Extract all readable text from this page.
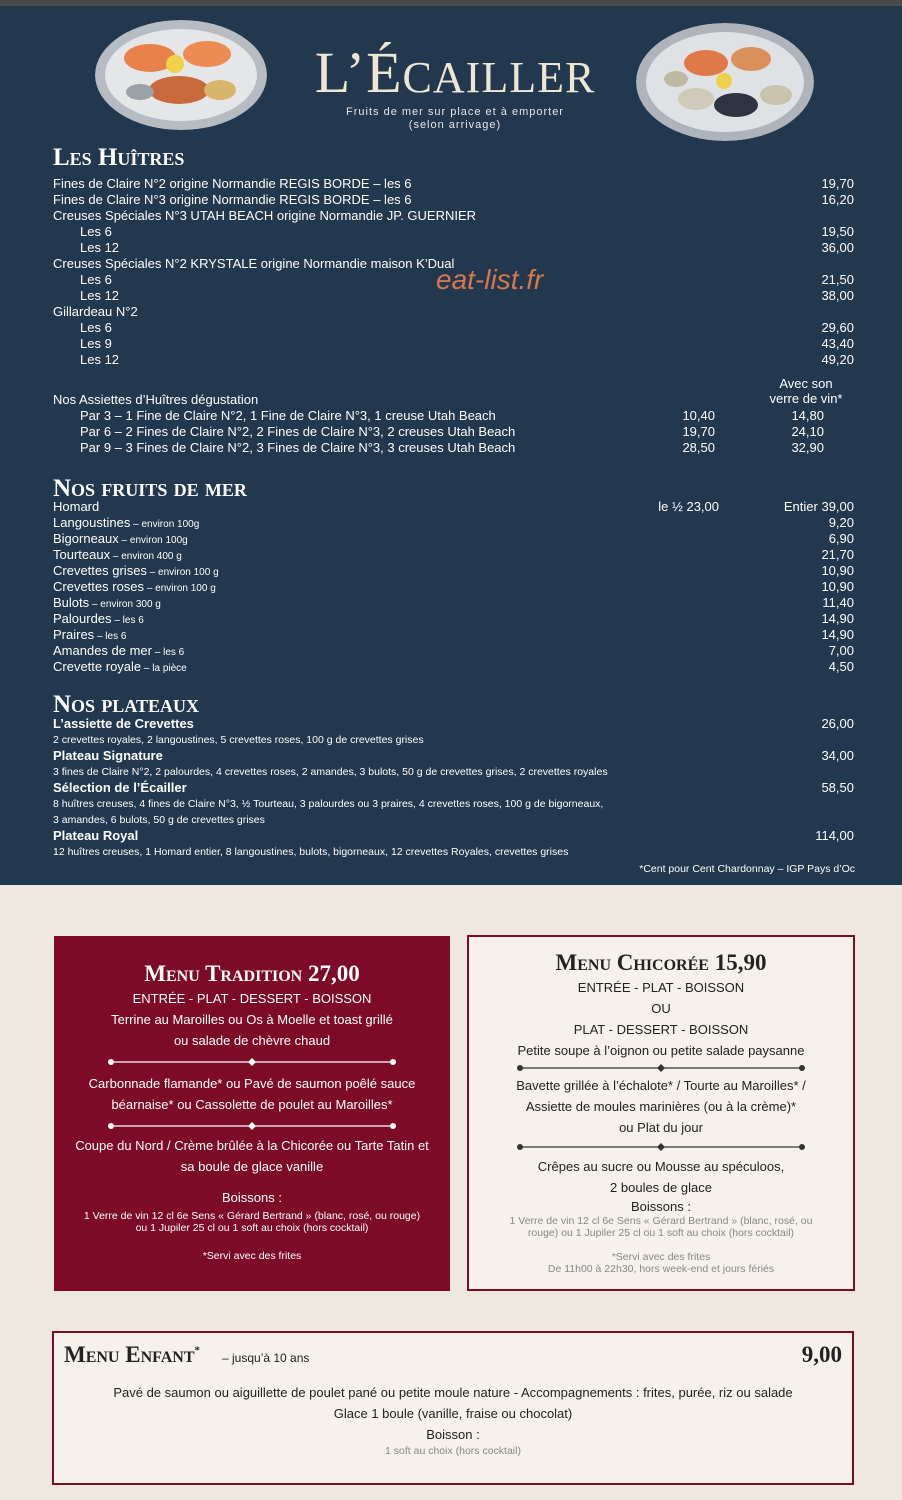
L’ÉCAILLER
Fruits de mer sur place et à emporter
(selon arrivage)
eat-list.fr
Les Huîtres
Fines de Claire N°2 origine Normandie REGIS BORDE – les 6	19,70
Fines de Claire N°3 origine Normandie REGIS BORDE – les 6	16,20
Creuses Spéciales N°3 UTAH BEACH origine Normandie JP. GUERNIER
Les 6	19,50
Les 12	36,00
Creuses Spéciales N°2 KRYSTALE origine Normandie maison K’Dual
Les 6	21,50
Les 12	38,00
Gillardeau N°2
Les 6	29,60
Les 9	43,40
Les 12	49,20
Avec son
verre de vin*
Nos Assiettes d’Huîtres dégustation
Par 3 – 1 Fine de Claire N°2, 1 Fine de Claire N°3, 1 creuse Utah Beach	10,40	14,80
Par 6 – 2 Fines de Claire N°2, 2 Fines de Claire N°3, 2 creuses Utah Beach	19,70	24,10
Par 9 – 3 Fines de Claire N°2, 3 Fines de Claire N°3, 3 creuses Utah Beach	28,50	32,90
Nos fruits de mer
Homard	le ½ 23,00	Entier 39,00
Langoustines – environ 100g	9,20
Bigorneaux – environ 100g	6,90
Tourteaux – environ 400 g	21,70
Crevettes grises – environ 100 g	10,90
Crevettes roses – environ 100 g	10,90
Bulots – environ 300 g	11,40
Palourdes – les 6	14,90
Praires – les 6	14,90
Amandes de mer – les 6	7,00
Crevette royale – la pièce	4,50
Nos plateaux
L’assiette de Crevettes	26,00
2 crevettes royales, 2 langoustines, 5 crevettes roses, 100 g de crevettes grises
Plateau Signature	34,00
3 fines de Claire N°2, 2 palourdes, 4 crevettes roses, 2 amandes, 3 bulots, 50 g de crevettes grises, 2 crevettes royales
Sélection de l’Écailler	58,50
8 huîtres creuses, 4 fines de Claire N°3, ½ Tourteau, 3 palourdes ou 3 praires, 4 crevettes roses, 100 g de bigorneaux,
3 amandes, 6 bulots, 50 g de crevettes grises
Plateau Royal	114,00
12 huîtres creuses, 1 Homard entier, 8 langoustines, bulots, bigorneaux, 12 crevettes Royales, crevettes grises
*Cent pour Cent Chardonnay – IGP Pays d’Oc
Menu Tradition 27,00
ENTRÉE - PLAT - DESSERT - BOISSON
Terrine au Maroilles ou Os à Moelle et toast grillé
ou salade de chèvre chaud
Carbonnade flamande* ou Pavé de saumon poêlé sauce
béarnaise* ou Cassolette de poulet au Maroilles*
Coupe du Nord / Crème brûlée à la Chicorée ou Tarte Tatin et
sa boule de glace vanille
Boissons :
1 Verre de vin 12 cl 6e Sens « Gérard Bertrand » (blanc, rosé, ou rouge)
ou 1 Jupiler 25 cl ou 1 soft au choix (hors cocktail)
*Servi avec des frites
Menu Chicorée 15,90
ENTRÉE - PLAT - BOISSON
OU
PLAT - DESSERT - BOISSON
Petite soupe à l’oignon ou petite salade paysanne
Bavette grillée à l’échalote* / Tourte au Maroilles* /
Assiette de moules marinières (ou à la crème)*
ou Plat du jour
Crêpes au sucre ou Mousse au spéculoos,
2 boules de glace
Boissons :
1 Verre de vin 12 cl 6e Sens « Gérard Bertrand » (blanc, rosé, ou
rouge) ou 1 Jupiler 25 cl ou 1 soft au choix (hors cocktail)
*Servi avec des frites
De 11h00 à 22h30, hors week-end et jours fériés
Menu Enfant*
– jusqu’à 10 ans	9,00
Pavé de saumon ou aiguillette de poulet pané ou petite moule nature - Accompagnements : frites, purée, riz ou salade
Glace 1 boule (vanille, fraise ou chocolat)
Boisson :
1 soft au choix (hors cocktail)
